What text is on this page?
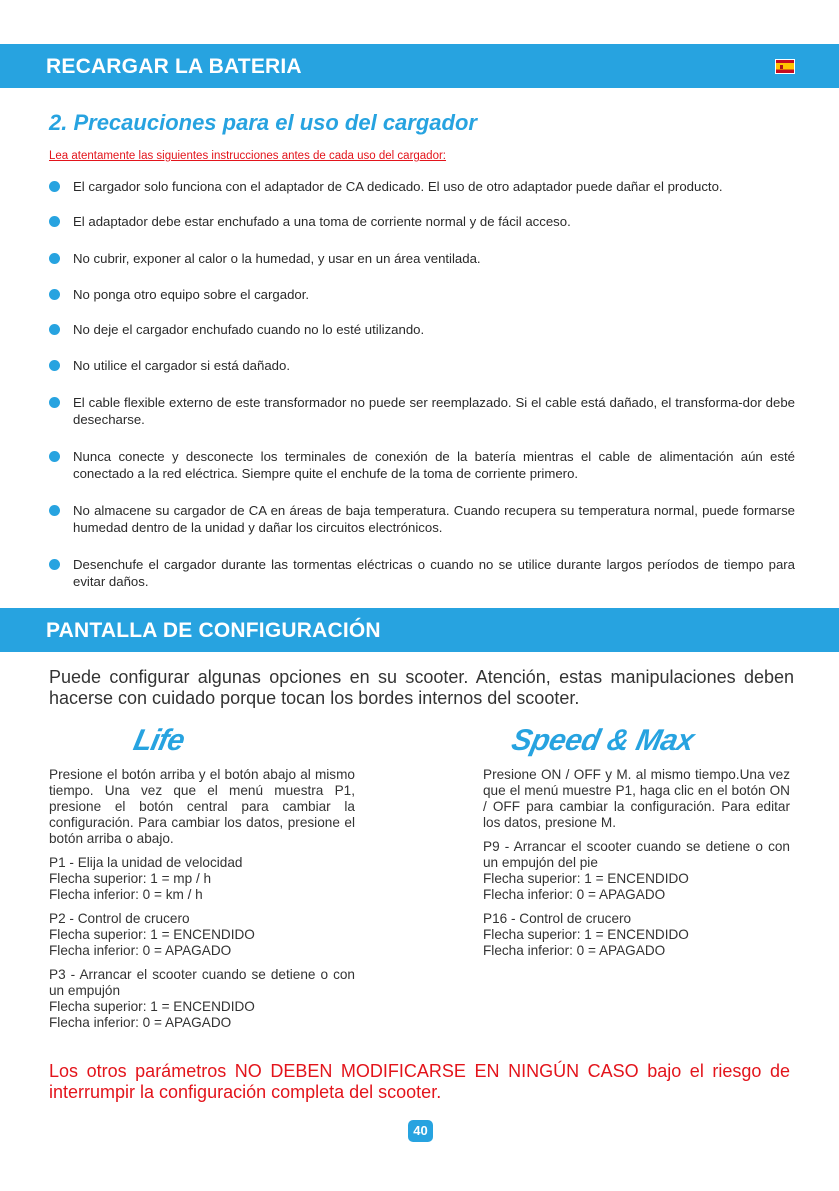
RECARGAR LA BATERIA
2. Precauciones para el uso del cargador
Lea atentamente las siguientes instrucciones antes de cada uso del cargador:
El cargador solo funciona con el adaptador de CA dedicado. El uso de otro adaptador puede dañar el producto.
El adaptador debe estar enchufado a una toma de corriente normal y de fácil acceso.
No cubrir, exponer al calor o la humedad, y usar en un área ventilada.
No ponga otro equipo sobre el cargador.
No deje el cargador enchufado cuando no lo esté utilizando.
No utilice el cargador si está dañado.
El cable flexible externo de este transformador no puede ser reemplazado. Si el cable está dañado, el transforma-dor debe desecharse.
Nunca conecte y desconecte los terminales de conexión de la batería mientras el cable de alimentación aún esté conectado a la red eléctrica. Siempre quite el enchufe de la toma de corriente primero.
No almacene su cargador de CA en áreas de baja temperatura. Cuando recupera su temperatura normal, puede formarse humedad dentro de la unidad y dañar los circuitos electrónicos.
Desenchufe el cargador durante las tormentas eléctricas o cuando no se utilice durante largos períodos de tiempo para evitar daños.
PANTALLA DE CONFIGURACIÓN
Puede configurar algunas opciones en su scooter. Atención, estas manipulaciones deben hacerse con cuidado porque tocan los bordes internos del scooter.
Life	Speed & Max

Presione el botón arriba y el botón abajo al mismo tiempo. Una vez que el menú muestra P1, presione el botón central para cambiar la configuración. Para cambiar los datos, presione el botón arriba o abajo.

P1 - Elija la unidad de velocidad
Flecha superior: 1 = mp / h
Flecha inferior: 0 = km / h

P2 - Control de crucero
Flecha superior: 1 = ENCENDIDO
Flecha inferior: 0 = APAGADO

P3 - Arrancar el scooter cuando se detiene o con un empujón
Flecha superior: 1 = ENCENDIDO
Flecha inferior: 0 = APAGADO

Presione ON / OFF y M. al mismo tiempo.Una vez que el menú muestre P1, haga clic en el botón ON / OFF para cambiar la configuración. Para editar los datos, presione M.

P9 - Arrancar el scooter cuando se detiene o con un empujón del pie
Flecha superior: 1 = ENCENDIDO
Flecha inferior: 0 = APAGADO

P16 - Control de crucero
Flecha superior: 1 = ENCENDIDO
Flecha inferior: 0 = APAGADO

Los otros parámetros NO DEBEN MODIFICARSE EN NINGÚN CASO bajo el riesgo de interrumpir la configuración completa del scooter.
40
